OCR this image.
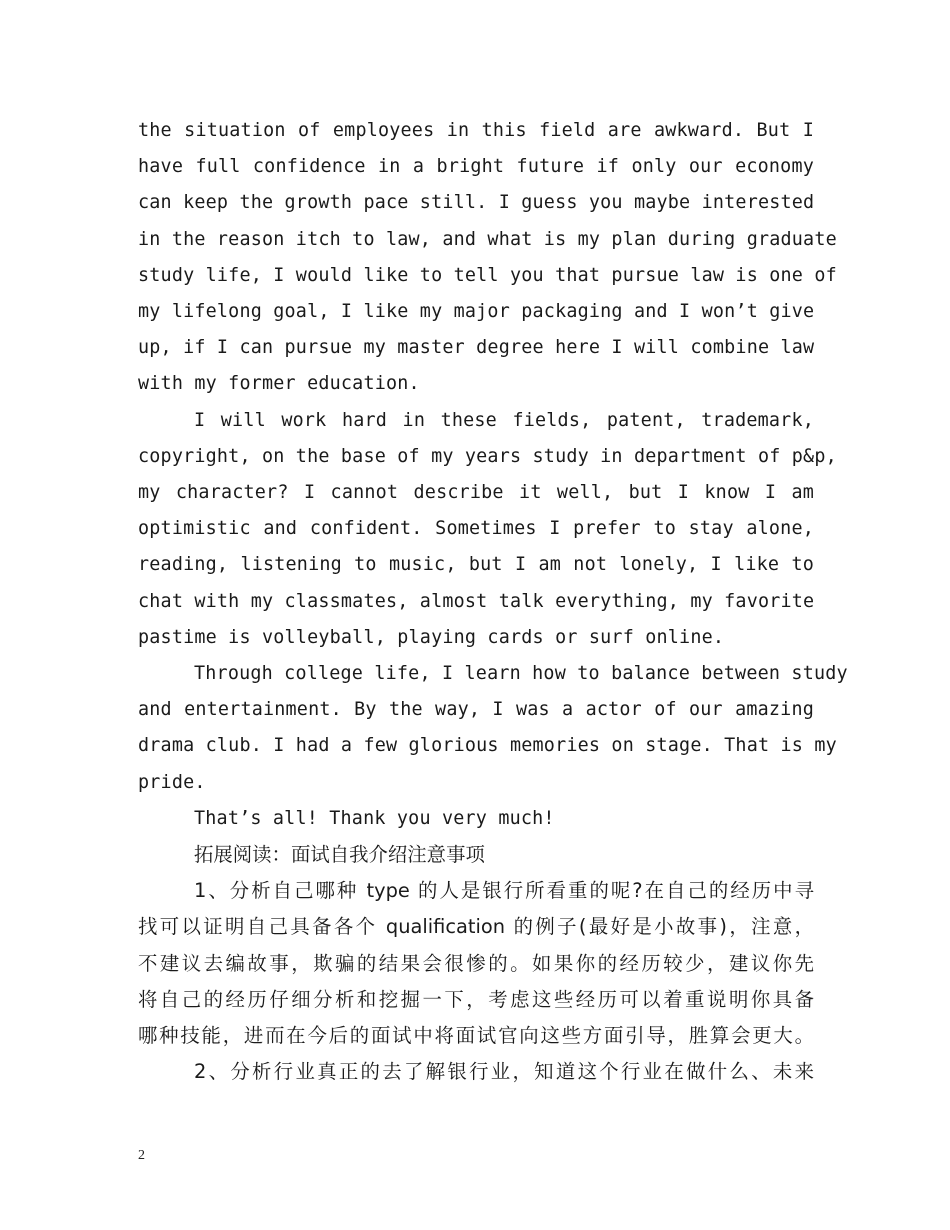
the situation of employees in this field are awkward. But I
have full confidence in a bright future if only our economy
can keep the growth pace still. I guess you maybe interested
in the reason itch to law, and what is my plan during graduate
study life, I would like to tell you that pursue law is one of
my lifelong goal, I like my major packaging and I won’t give
up, if I can pursue my master degree here I will combine law
with my former education.

I will work hard in these fields, patent, trademark,
copyright, on the base of my years study in department of p&p,
my character? I cannot describe it well, but I know I am
optimistic and confident. Sometimes I prefer to stay alone,
reading, listening to music, but I am not lonely, I like to
chat with my classmates, almost talk everything, my favorite
pastime is volleyball, playing cards or surf online.

Through college life, I learn how to balance between study
and entertainment. By the way, I was a actor of our amazing
drama club. I had a few glorious memories on stage. That is my
pride.

That’s all! Thank you very much!

拓展阅读：面试自我介绍注意事项

1、分析自己哪种 type 的人是银行所看重的呢?在自己的经历中寻
找可以证明自己具备各个 qualification 的例子(最好是小故事)，注意，
不建议去编故事，欺骗的结果会很惨的。如果你的经历较少，建议你先
将自己的经历仔细分析和挖掘一下，考虑这些经历可以着重说明你具备
哪种技能，进而在今后的面试中将面试官向这些方面引导，胜算会更大。

2、分析行业真正的去了解银行业，知道这个行业在做什么、未来

2
